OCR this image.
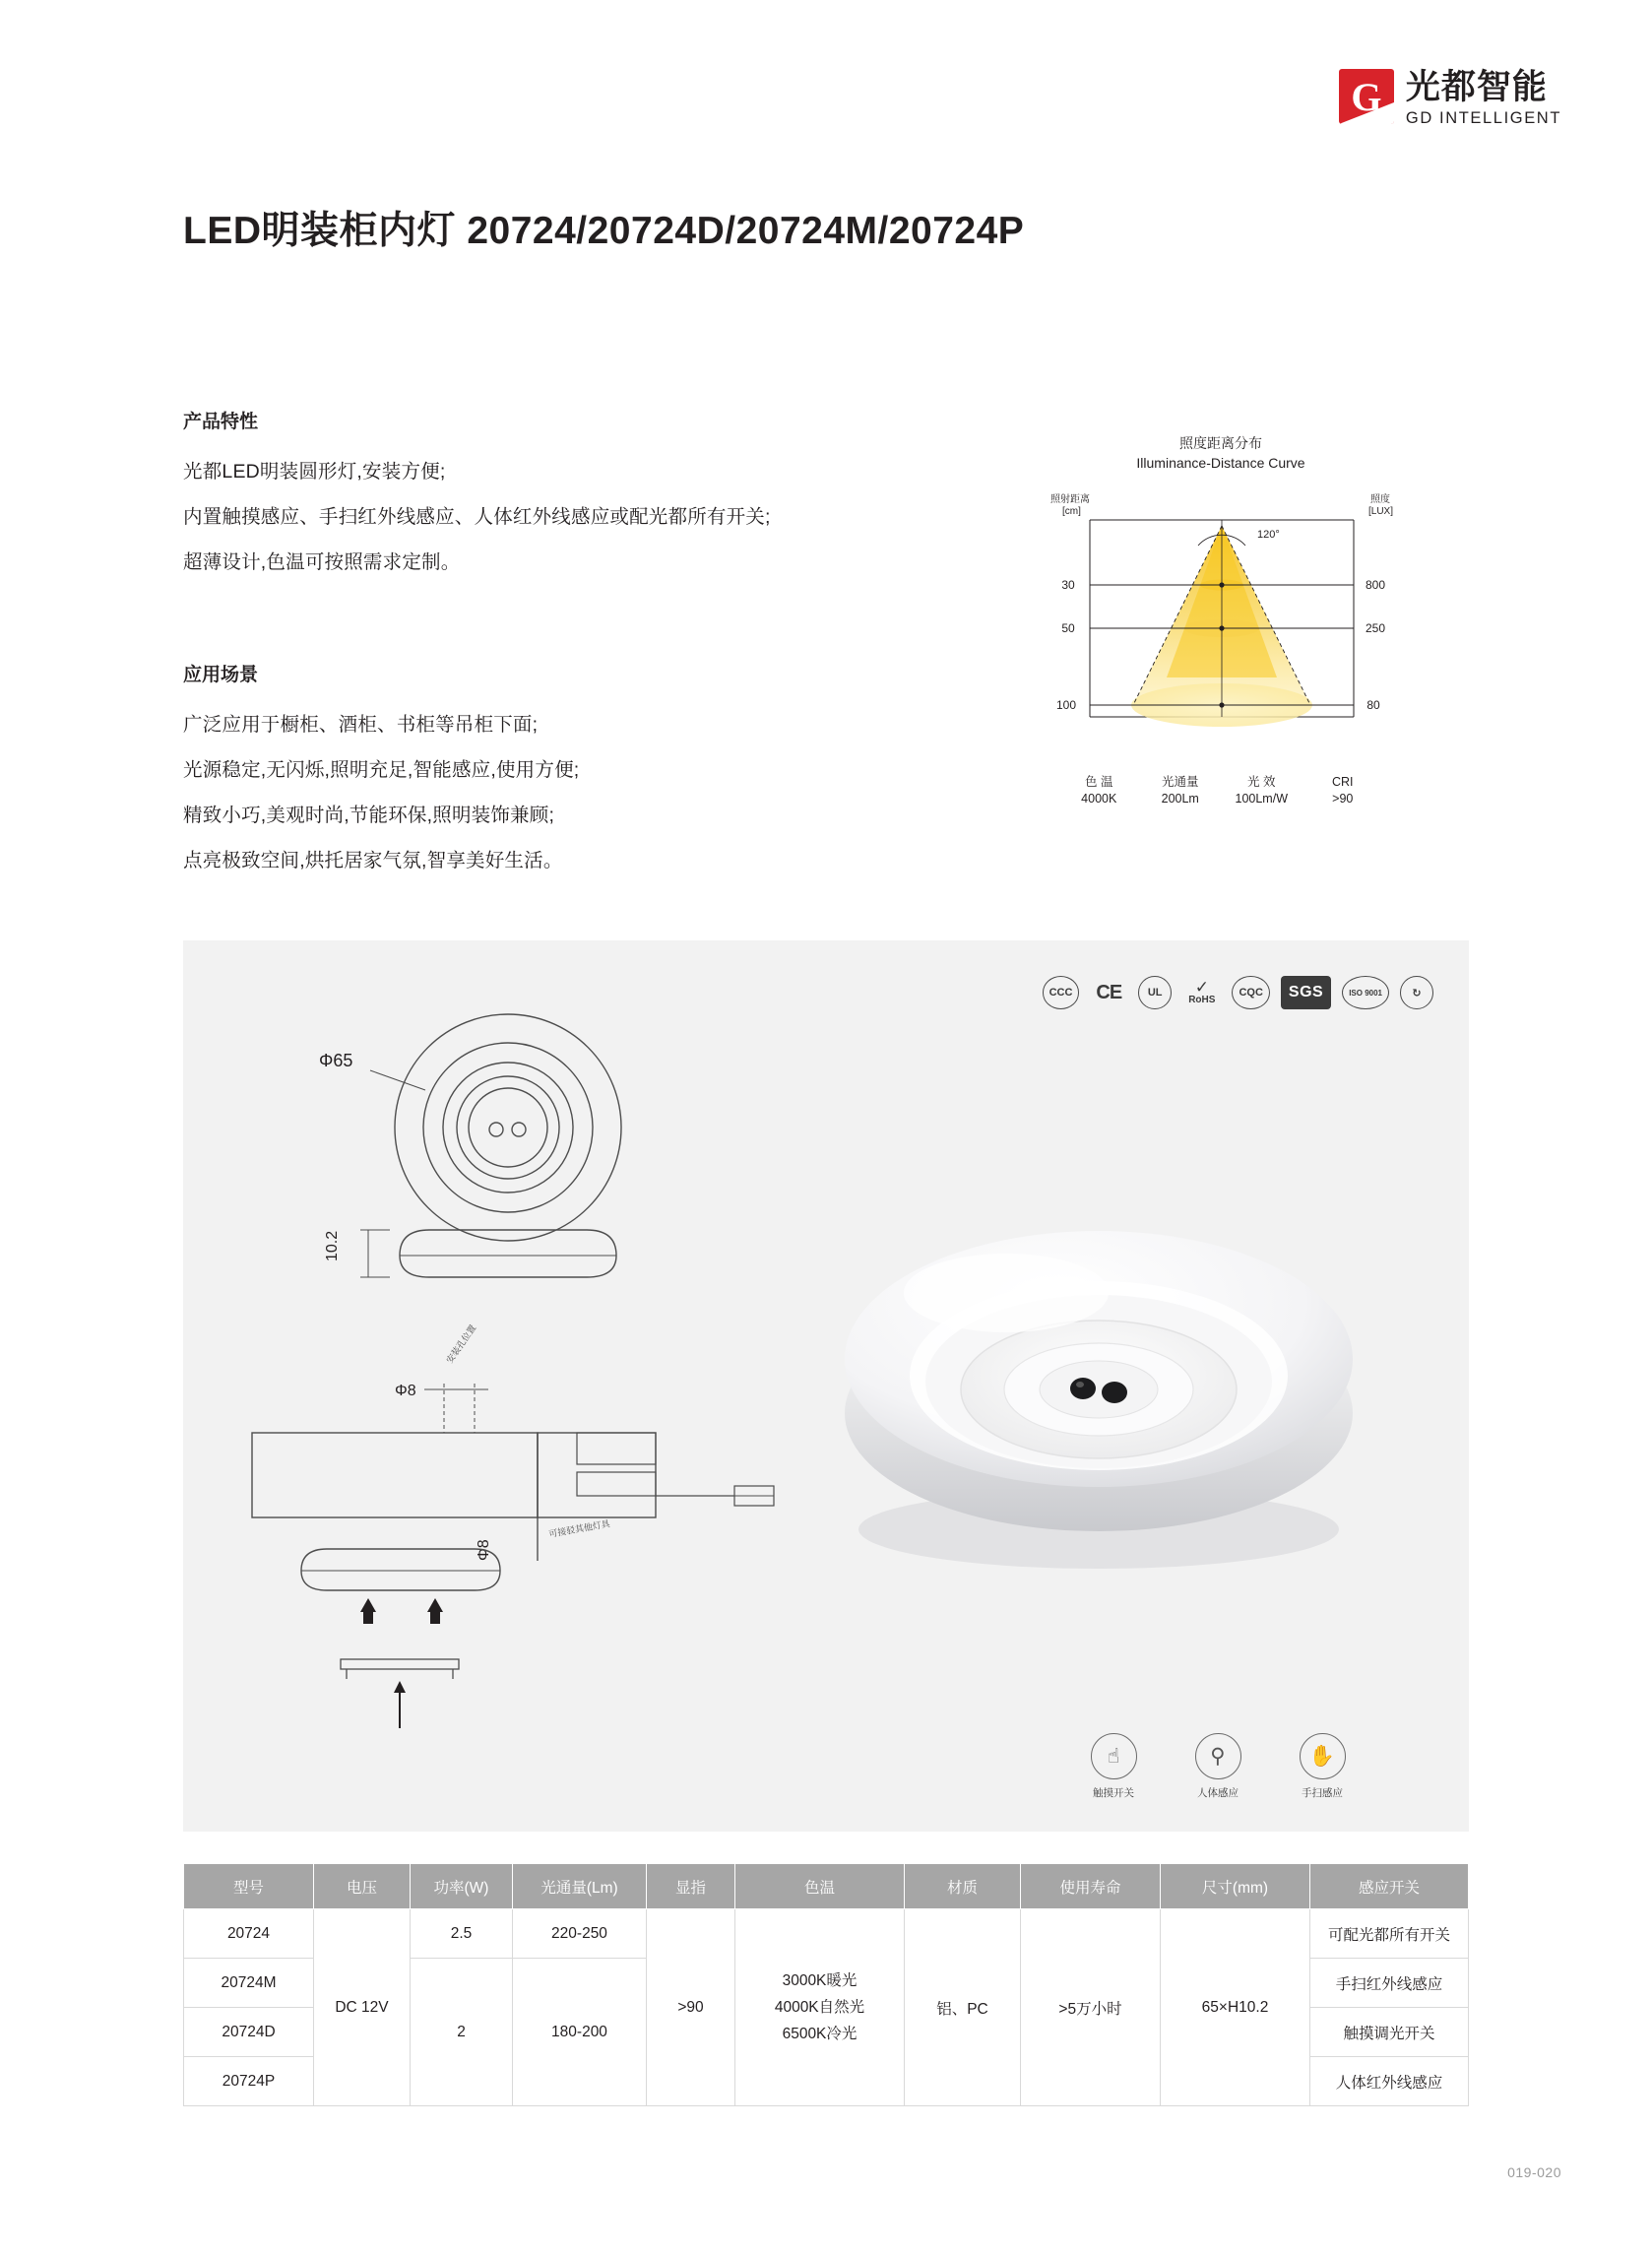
G 光都智能
GD INTELLIGENT
LED明装柜内灯 20724/20724D/20724M/20724P
产品特性

光都LED明装圆形灯,安装方便;

内置触摸感应、手扫红外线感应、人体红外线感应或配光都所有开关;

超薄设计,色温可按照需求定制。

应用场景

广泛应用于橱柜、酒柜、书柜等吊柜下面;

光源稳定,无闪烁,照明充足,智能感应,使用方便;

精致小巧,美观时尚,节能环保,照明装饰兼顾;

点亮极致空间,烘托居家气氛,智享美好生活。

照度距离分布
Illuminance-Distance Curve
照射距离
[cm]
照度
[LUX]
120°
30
50
100
800
250
80
色 温
4000K
光通量
200Lm
光 效
100Lm/W
CRI
>90
CCC	CE	UL	✓
RoHS
CQC	SGS	ISO 9001	↻
Φ65
10.2
Φ8
安装孔位置
可接驳其他灯具
Φ8
☝
触摸开关
⚲
人体感应
✋
手扫感应
型号	电压	功率(W)	光通量(Lm)	显指	色温	材质	使用寿命	尺寸(mm)	感应开关
20724	DC 12V	2.5	220-250	>90	3000K暖光
4000K自然光
6500K冷光	铝、PC	>5万小时	65×H10.2	可配光都所有开关
20724M		2	180-200						手扫红外线感应
20724D									触摸调光开关
20724P									人体红外线感应
019-020
